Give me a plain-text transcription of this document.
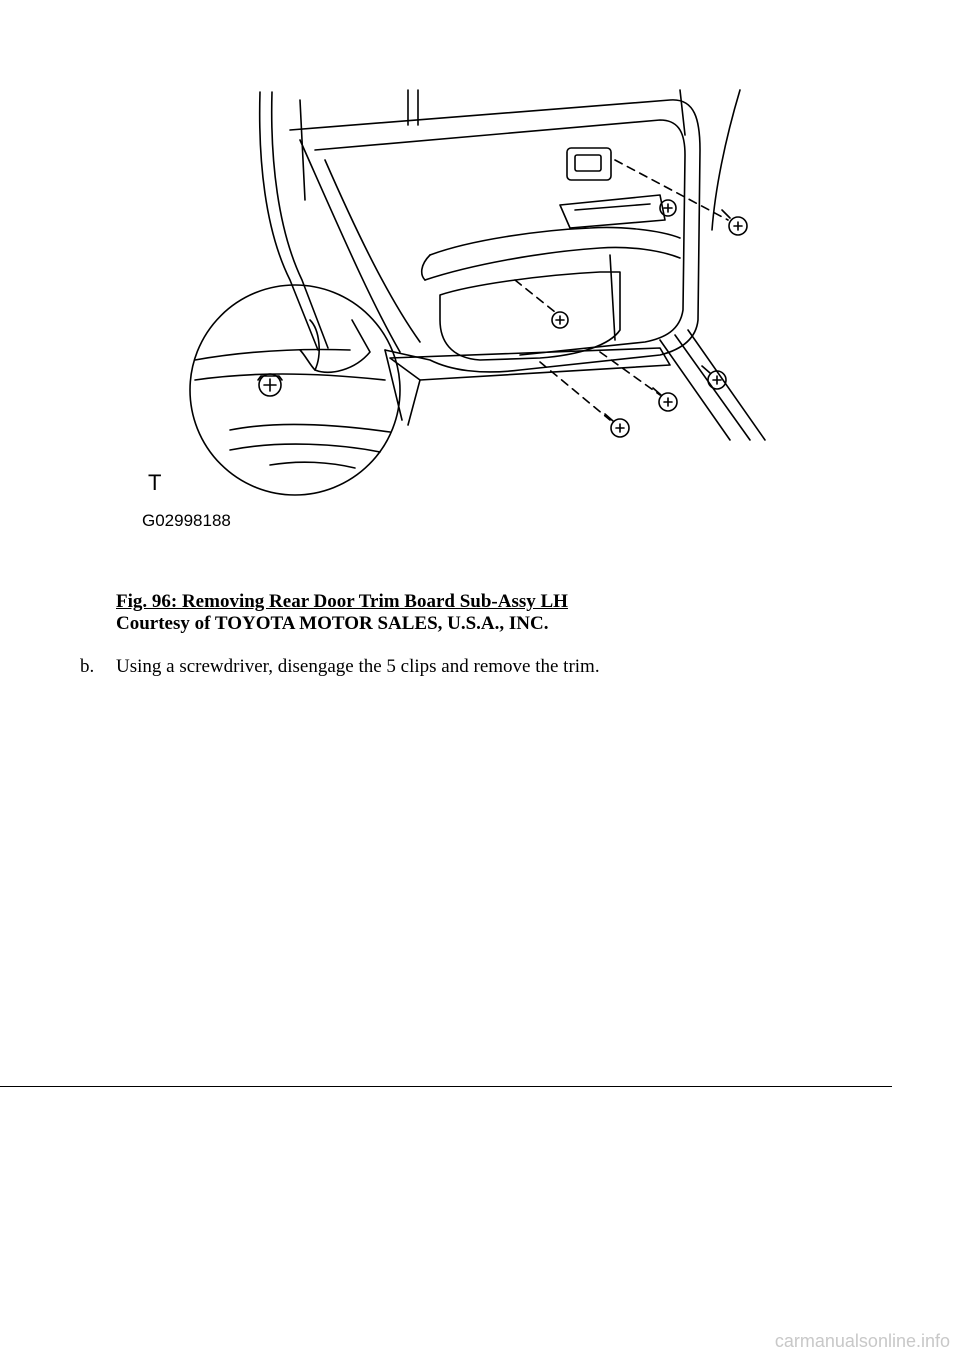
T
G02998188
Fig. 96: Removing Rear Door Trim Board Sub-Assy LH
Courtesy of TOYOTA MOTOR SALES, U.S.A., INC.
b. Using a screwdriver, disengage the 5 clips and remove the trim.
carmanualsonline.info
